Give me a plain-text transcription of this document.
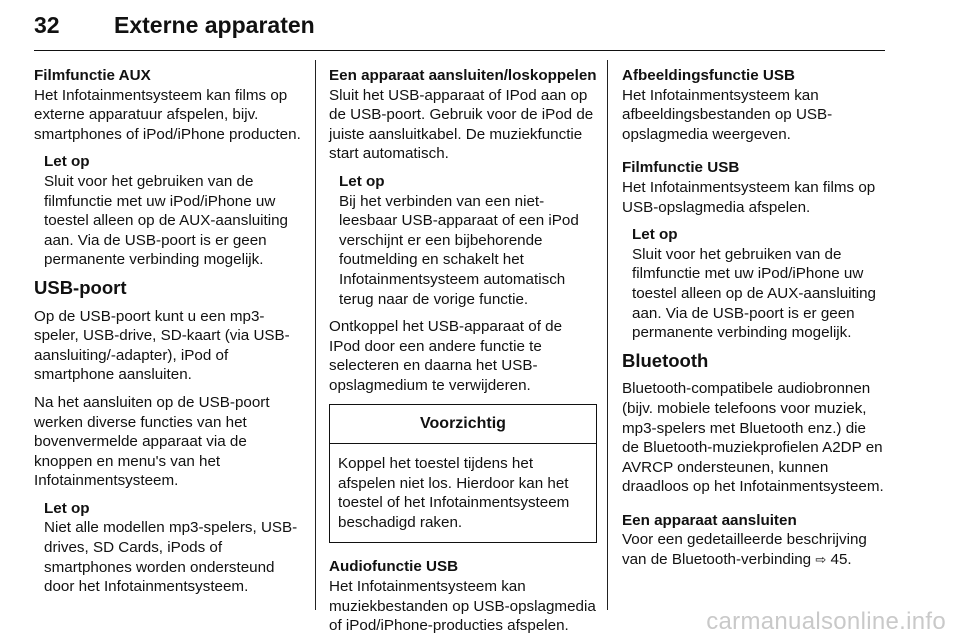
32 Externe apparaten
Filmfunctie AUX

Het Infotainmentsysteem kan films op externe apparatuur afspelen, bijv. smartphones of iPod/iPhone producten.

Let op
Sluit voor het gebruiken van de filmfunctie met uw iPod/iPhone uw toestel alleen op de AUX-aansluiting aan. Via de USB-poort is er geen permanente verbinding mogelijk.
USB-poort

Op de USB-poort kunt u een mp3-speler, USB-drive, SD-kaart (via USB-aansluiting/-adapter), iPod of smartphone aansluiten.

Na het aansluiten op de USB-poort werken diverse functies van het bovenvermelde apparaat via de knoppen en menu's van het Infotainmentsysteem.

Let op
Niet alle modellen mp3-spelers, USB-drives, SD Cards, iPods of smartphones worden ondersteund door het Infotainmentsysteem.
Een apparaat aansluiten/loskoppelen

Sluit het USB-apparaat of IPod aan op de USB-poort. Gebruik voor de iPod de juiste aansluitkabel. De muziekfunctie start automatisch.

Let op
Bij het verbinden van een niet-leesbaar USB-apparaat of een iPod verschijnt er een bijbehorende foutmelding en schakelt het Infotainmentsysteem automatisch terug naar de vorige functie.

Ontkoppel het USB-apparaat of de IPod door een andere functie te selecteren en daarna het USB-opslagmedium te verwijderen.

Voorzichtig
Koppel het toestel tijdens het afspelen niet los. Hierdoor kan het toestel of het Infotainmentsysteem beschadigd raken.
Audiofunctie USB

Het Infotainmentsysteem kan muziekbestanden op USB-opslagmedia of iPod/iPhone-producties afspelen.

Afbeeldingsfunctie USB

Het Infotainmentsysteem kan afbeeldingsbestanden op USB-opslagmedia weergeven.

Filmfunctie USB

Het Infotainmentsysteem kan films op USB-opslagmedia afspelen.

Let op
Sluit voor het gebruiken van de filmfunctie met uw iPod/iPhone uw toestel alleen op de AUX-aansluiting aan. Via de USB-poort is er geen permanente verbinding mogelijk.
Bluetooth

Bluetooth-compatibele audiobronnen (bijv. mobiele telefoons voor muziek, mp3-spelers met Bluetooth enz.) die de Bluetooth-muziekprofielen A2DP en AVRCP ondersteunen, kunnen draadloos op het Infotainmentsysteem.

Een apparaat aansluiten

Voor een gedetailleerde beschrijving van de Bluetooth-verbinding ⇨ 45.

carmanualsonline.info
